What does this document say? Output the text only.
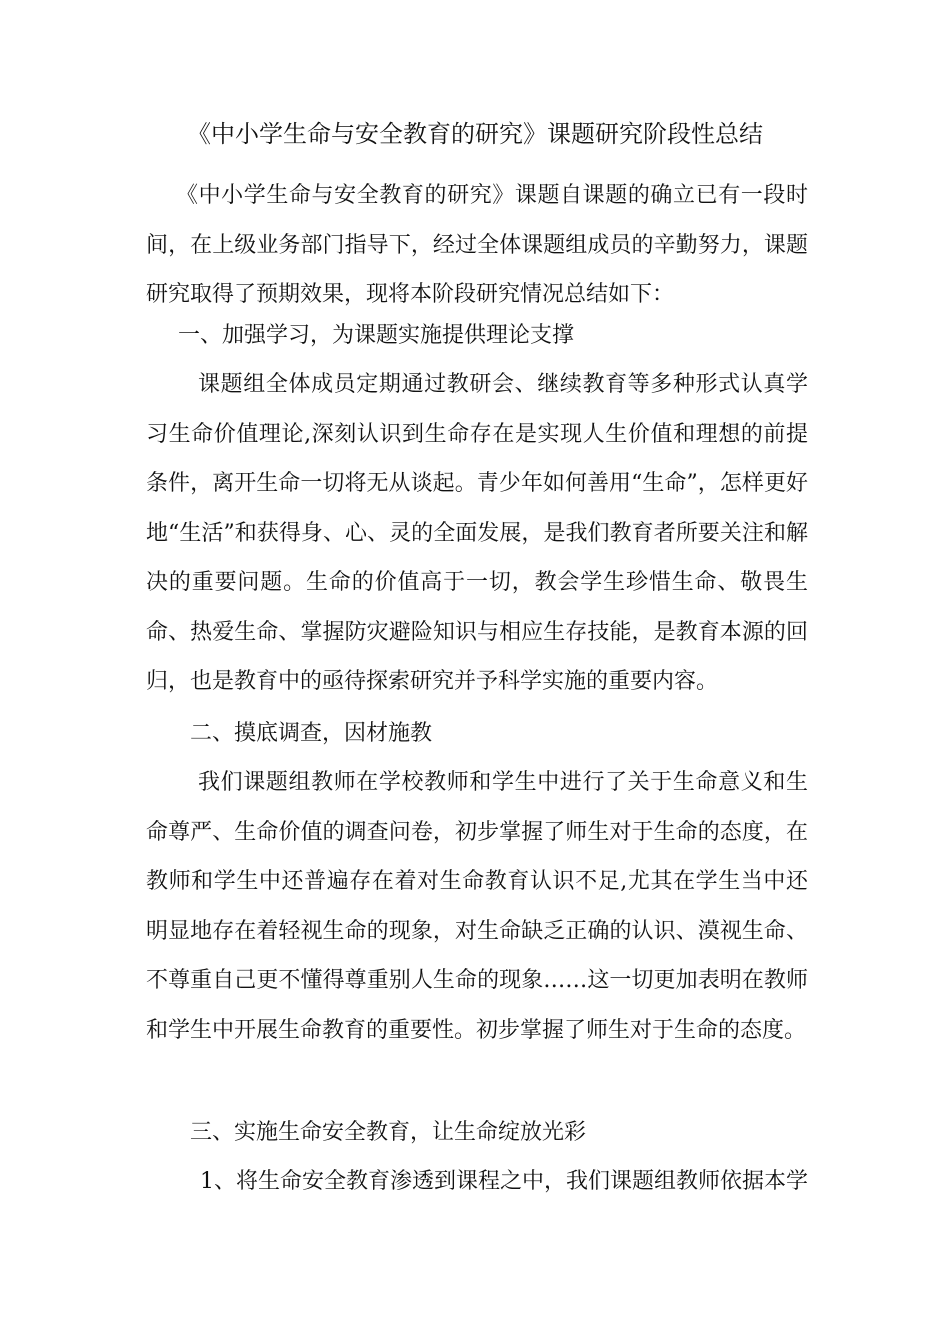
《中小学生命与安全教育的研究》课题研究阶段性总结
《中小学生命与安全教育的研究》课题自课题的确立已有一段时间，在上级业务部门指导下，经过全体课题组成员的辛勤努力，课题研究取得了预期效果，现将本阶段研究情况总结如下：
一、加强学习，为课题实施提供理论支撑
课题组全体成员定期通过教研会、继续教育等多种形式认真学习生命价值理论,深刻认识到生命存在是实现人生价值和理想的前提条件，离开生命一切将无从谈起。青少年如何善用“生命”，怎样更好地“生活”和获得身、心、灵的全面发展，是我们教育者所要关注和解决的重要问题。生命的价值高于一切，教会学生珍惜生命、敬畏生命、热爱生命、掌握防灾避险知识与相应生存技能，是教育本源的回归，也是教育中的亟待探索研究并予科学实施的重要内容。
二、摸底调查，因材施教
我们课题组教师在学校教师和学生中进行了关于生命意义和生命尊严、生命价值的调查问卷，初步掌握了师生对于生命的态度，在教师和学生中还普遍存在着对生命教育认识不足,尤其在学生当中还明显地存在着轻视生命的现象，对生命缺乏正确的认识、漠视生命、不尊重自己更不懂得尊重别人生命的现象……这一切更加表明在教师和学生中开展生命教育的重要性。初步掌握了师生对于生命的态度。
三、实施生命安全教育，让生命绽放光彩
1、将生命安全教育渗透到课程之中，我们课题组教师依据本学
